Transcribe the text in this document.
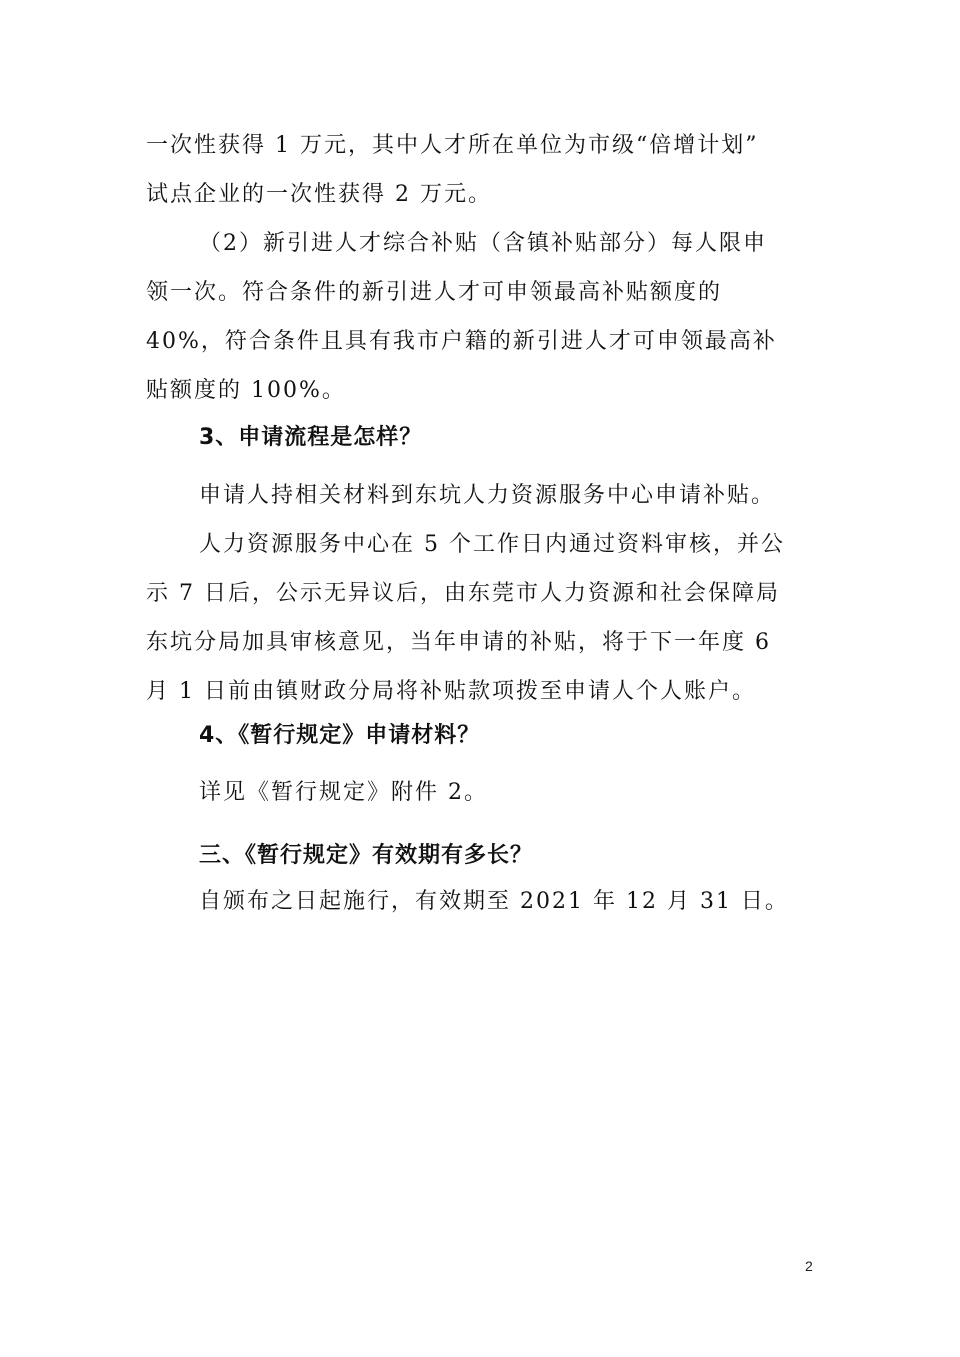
一次性获得 1 万元，其中人才所在单位为市级“倍增计划”
试点企业的一次性获得 2 万元。
（2）新引进人才综合补贴（含镇补贴部分）每人限申
领一次。符合条件的新引进人才可申领最高补贴额度的
40%，符合条件且具有我市户籍的新引进人才可申领最高补
贴额度的 100%。
3、申请流程是怎样？
申请人持相关材料到东坑人力资源服务中心申请补贴。
人力资源服务中心在 5 个工作日内通过资料审核，并公
示 7 日后，公示无异议后，由东莞市人力资源和社会保障局
东坑分局加具审核意见，当年申请的补贴，将于下一年度 6
月 1 日前由镇财政分局将补贴款项拨至申请人个人账户。
4、《暂行规定》申请材料？
详见《暂行规定》附件 2。
三、《暂行规定》有效期有多长？
自颁布之日起施行，有效期至 2021 年 12 月 31 日。
2
